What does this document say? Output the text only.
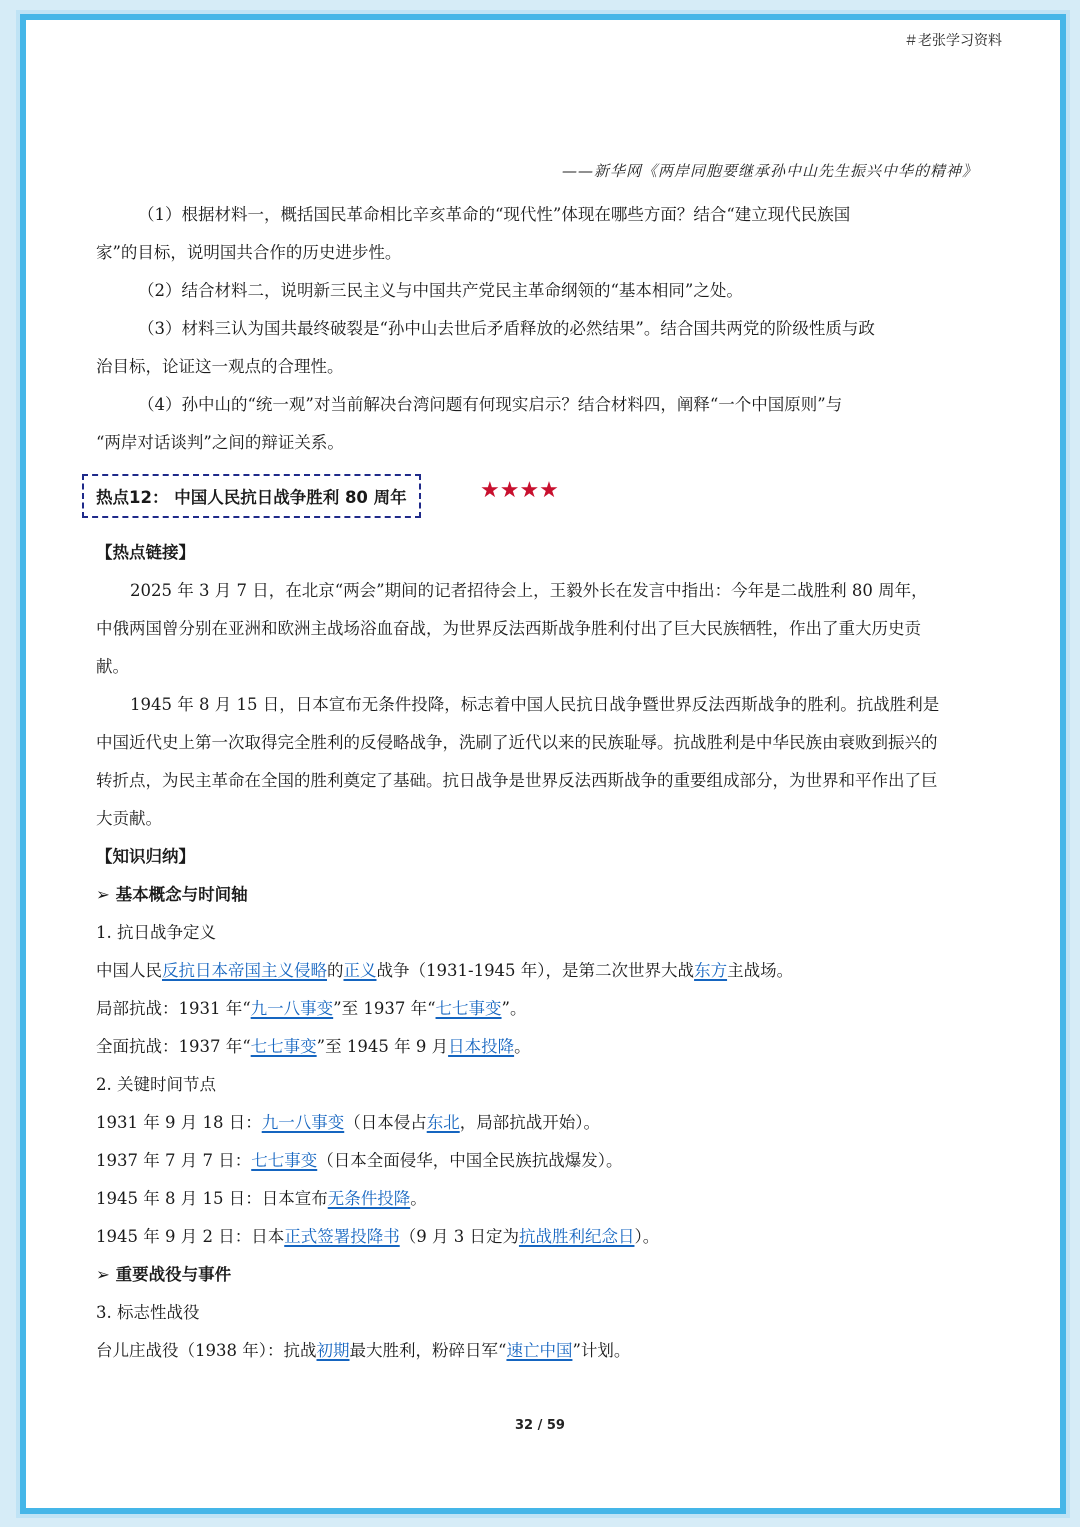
＃老张学习资料
——新华网《两岸同胞要继承孙中山先生振兴中华的精神》

（1）根据材料一，概括国民革命相比辛亥革命的“现代性”体现在哪些方面？结合“建立现代民族国

家”的目标，说明国共合作的历史进步性。

（2）结合材料二，说明新三民主义与中国共产党民主革命纲领的“基本相同”之处。

（3）材料三认为国共最终破裂是“孙中山去世后矛盾释放的必然结果”。结合国共两党的阶级性质与政

治目标，论证这一观点的合理性。

（4）孙中山的“统一观”对当前解决台湾问题有何现实启示？结合材料四，阐释“一个中国原则”与

“两岸对话谈判”之间的辩证关系。

热点12： 中国人民抗日战争胜利 80 周年	★★★★

【热点链接】

2025 年 3 月 7 日，在北京“两会”期间的记者招待会上，王毅外长在发言中指出：今年是二战胜利 80 周年，中俄两国曾分别在亚洲和欧洲主战场浴血奋战，为世界反法西斯战争胜利付出了巨大民族牺牲，作出了重大历史贡献。

1945 年 8 月 15 日，日本宣布无条件投降，标志着中国人民抗日战争暨世界反法西斯战争的胜利。抗战胜利是中国近代史上第一次取得完全胜利的反侵略战争，洗刷了近代以来的民族耻辱。抗战胜利是中华民族由衰败到振兴的转折点，为民主革命在全国的胜利奠定了基础。抗日战争是世界反法西斯战争的重要组成部分，为世界和平作出了巨大贡献。

【知识归纳】

➢ 基本概念与时间轴

1. 抗日战争定义

中国人民反抗日本帝国主义侵略的正义战争（1931-1945 年），是第二次世界大战东方主战场。

局部抗战：1931 年“九一八事变”至 1937 年“七七事变”。

全面抗战：1937 年“七七事变”至 1945 年 9 月日本投降。

2. 关键时间节点

1931 年 9 月 18 日：九一八事变（日本侵占东北，局部抗战开始）。

1937 年 7 月 7 日：七七事变（日本全面侵华，中国全民族抗战爆发）。

1945 年 8 月 15 日：日本宣布无条件投降。

1945 年 9 月 2 日：日本正式签署投降书（9 月 3 日定为抗战胜利纪念日）。

➢ 重要战役与事件

3. 标志性战役

台儿庄战役（1938 年）：抗战初期最大胜利，粉碎日军“速亡中国”计划。

32 / 59
